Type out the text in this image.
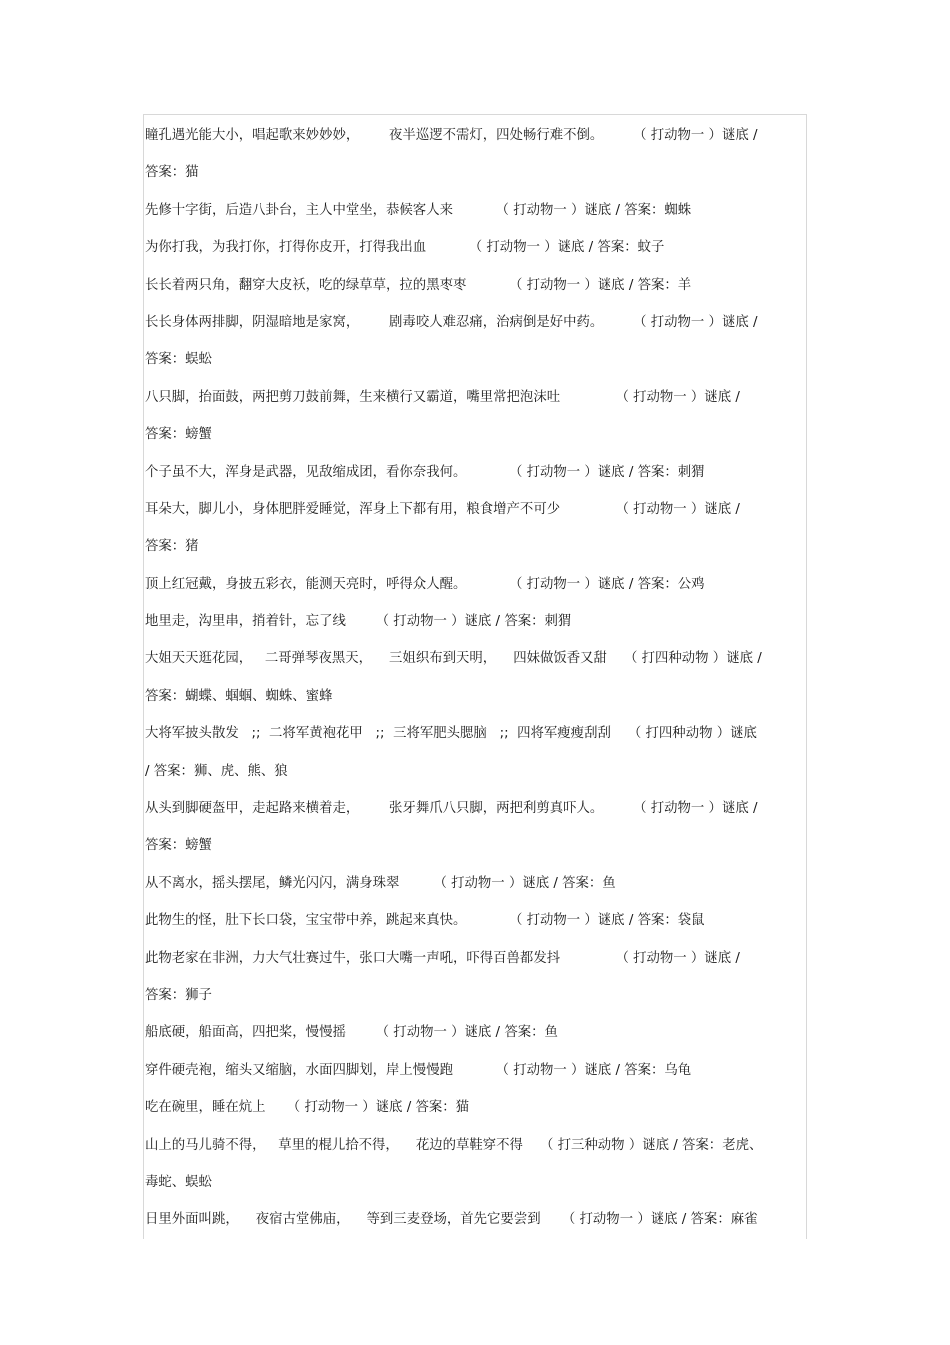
瞳孔遇光能大小，唱起歌来妙妙妙，       夜半巡逻不需灯，四处畅行难不倒。       （ 打动物一 ）谜底 /
答案：猫
先修十字街，后造八卦台，主人中堂坐，恭候客人来          （ 打动物一 ）谜底 / 答案：蜘蛛
为你打我，为我打你，打得你皮开，打得我出血          （ 打动物一 ）谜底 / 答案：蚊子
长长着两只角，翻穿大皮袄，吃的绿草草，拉的黑枣枣          （ 打动物一 ）谜底 / 答案：羊
长长身体两排脚，阴湿暗地是家窝，       剧毒咬人难忍痛，治病倒是好中药。       （ 打动物一 ）谜底 /
答案：蜈蚣
八只脚，抬面鼓，两把剪刀鼓前舞，生来横行又霸道，嘴里常把泡沫吐             （ 打动物一 ）谜底 /
答案：螃蟹
个子虽不大，浑身是武器，见敌缩成团，看你奈我何。          （ 打动物一 ）谜底 / 答案：刺猬
耳朵大，脚儿小，身体肥胖爱睡觉，浑身上下都有用，粮食增产不可少             （ 打动物一 ）谜底 /
答案：猪
顶上红冠戴，身披五彩衣，能测天亮时，呼得众人醒。          （ 打动物一 ）谜底 / 答案：公鸡
地里走，沟里串，捎着针，忘了线       （ 打动物一 ）谜底 / 答案：刺猬
大姐天天逛花园，   二哥弹琴夜黑天，    三姐织布到天明，    四妹做饭香又甜    （ 打四种动物 ）谜底 /
答案：蝴蝶、蝈蝈、蜘蛛、蜜蜂
大将军披头散发   ;;  二将军黄袍花甲   ;;  三将军肥头腮脑   ;;  四将军瘦瘦刮刮    （ 打四种动物 ）谜底
/ 答案：狮、虎、熊、狼
从头到脚硬盔甲，走起路来横着走，       张牙舞爪八只脚，两把利剪真吓人。       （ 打动物一 ）谜底 /
答案：螃蟹
从不离水，摇头摆尾，鳞光闪闪，满身珠翠        （ 打动物一 ）谜底 / 答案：鱼
此物生的怪，肚下长口袋，宝宝带中养，跳起来真快。          （ 打动物一 ）谜底 / 答案：袋鼠
此物老家在非洲，力大气壮赛过牛，张口大嘴一声吼，吓得百兽都发抖             （ 打动物一 ）谜底 /
答案：狮子
船底硬，船面高，四把桨，慢慢摇       （ 打动物一 ）谜底 / 答案：鱼
穿件硬壳袍，缩头又缩脑，水面四脚划，岸上慢慢跑          （ 打动物一 ）谜底 / 答案：乌龟
吃在碗里，睡在炕上     （ 打动物一 ）谜底 / 答案：猫
山上的马儿骑不得，   草里的棍儿拾不得，    花边的草鞋穿不得    （ 打三种动物 ）谜底 / 答案：老虎、
毒蛇、蜈蚣
日里外面叫跳，    夜宿古堂佛庙，    等到三麦登场，首先它要尝到     （ 打动物一 ）谜底 / 答案：麻雀
